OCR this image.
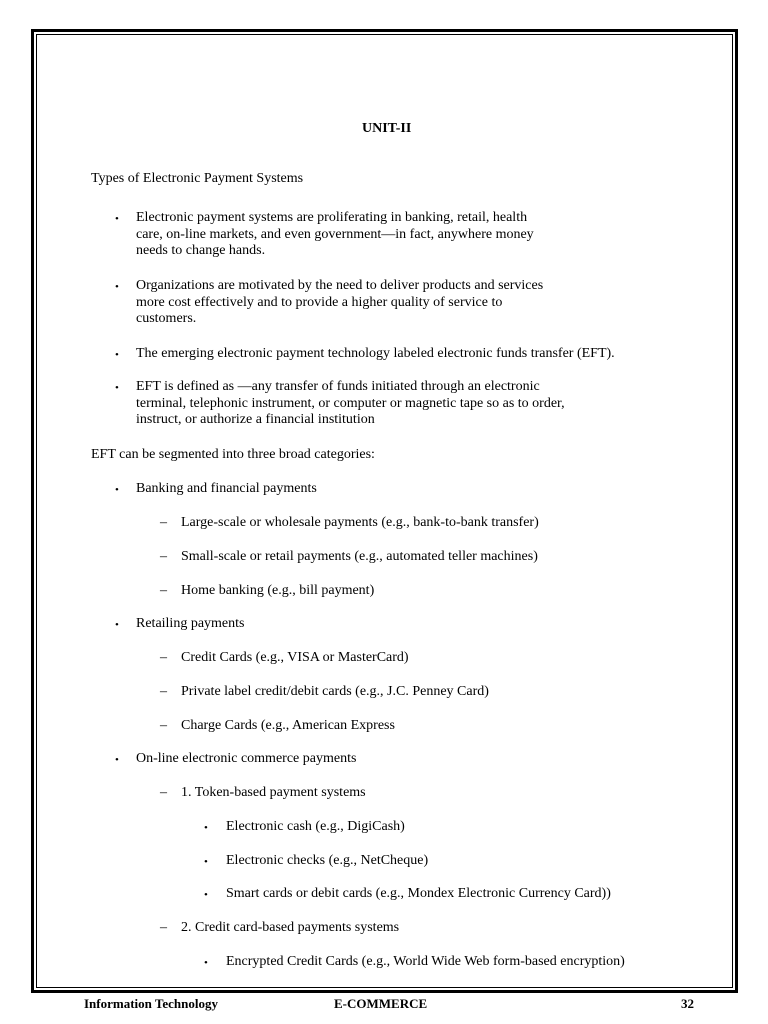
UNIT-II
Types of Electronic Payment Systems
• Electronic payment systems are proliferating in banking, retail, health
care, on-line markets, and even government—in fact, anywhere money
needs to change hands.
• Organizations are motivated by the need to deliver products and services
more cost effectively and to provide a higher quality of service to
customers.
• The emerging electronic payment technology labeled electronic funds transfer (EFT).
• EFT is defined as —any transfer of funds initiated through an electronic
terminal, telephonic instrument, or computer or magnetic tape so as to order,
instruct, or authorize a financial institution
EFT can be segmented into three broad categories:
• Banking and financial payments
– Large-scale or wholesale payments (e.g., bank-to-bank transfer)
– Small-scale or retail payments (e.g., automated teller machines)
– Home banking (e.g., bill payment)
• Retailing payments
– Credit Cards (e.g., VISA or MasterCard)
– Private label credit/debit cards (e.g., J.C. Penney Card)
– Charge Cards (e.g., American Express
• On-line electronic commerce payments
– 1. Token-based payment systems
• Electronic cash (e.g., DigiCash)
• Electronic checks (e.g., NetCheque)
• Smart cards or debit cards (e.g., Mondex Electronic Currency Card))
– 2. Credit card-based payments systems
• Encrypted Credit Cards (e.g., World Wide Web form-based encryption)
Information Technology	E-COMMERCE	32
